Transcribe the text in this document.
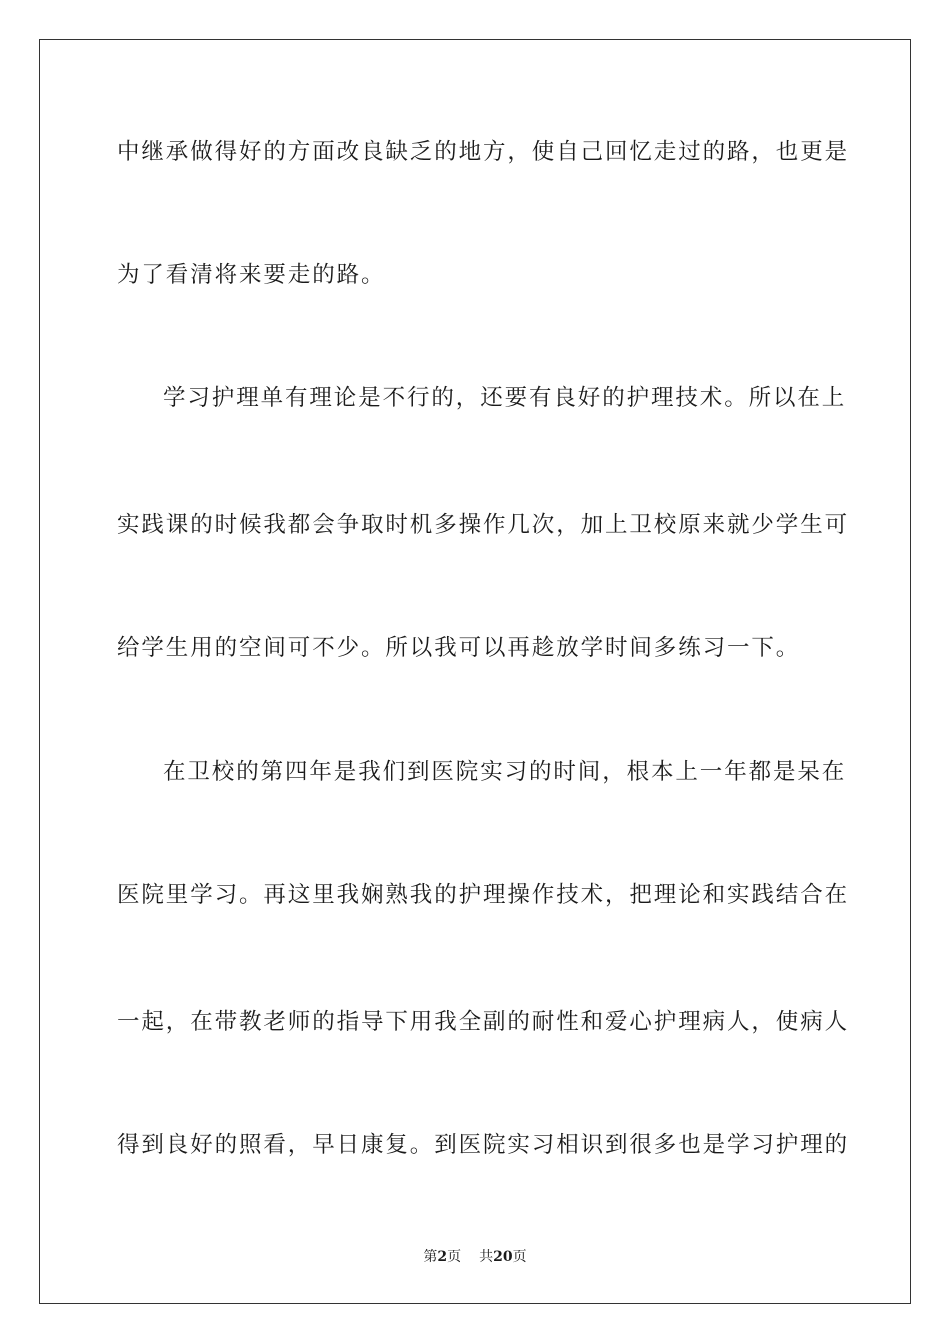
中继承做得好的方面改良缺乏的地方，使自己回忆走过的路，也更是
为了看清将来要走的路。
学习护理单有理论是不行的，还要有良好的护理技术。所以在上
实践课的时候我都会争取时机多操作几次，加上卫校原来就少学生可
给学生用的空间可不少。所以我可以再趁放学时间多练习一下。
在卫校的第四年是我们到医院实习的时间，根本上一年都是呆在
医院里学习。再这里我娴熟我的护理操作技术，把理论和实践结合在
一起，在带教老师的指导下用我全副的耐性和爱心护理病人，使病人
得到良好的照看，早日康复。到医院实习相识到很多也是学习护理的
第2页 共20页
